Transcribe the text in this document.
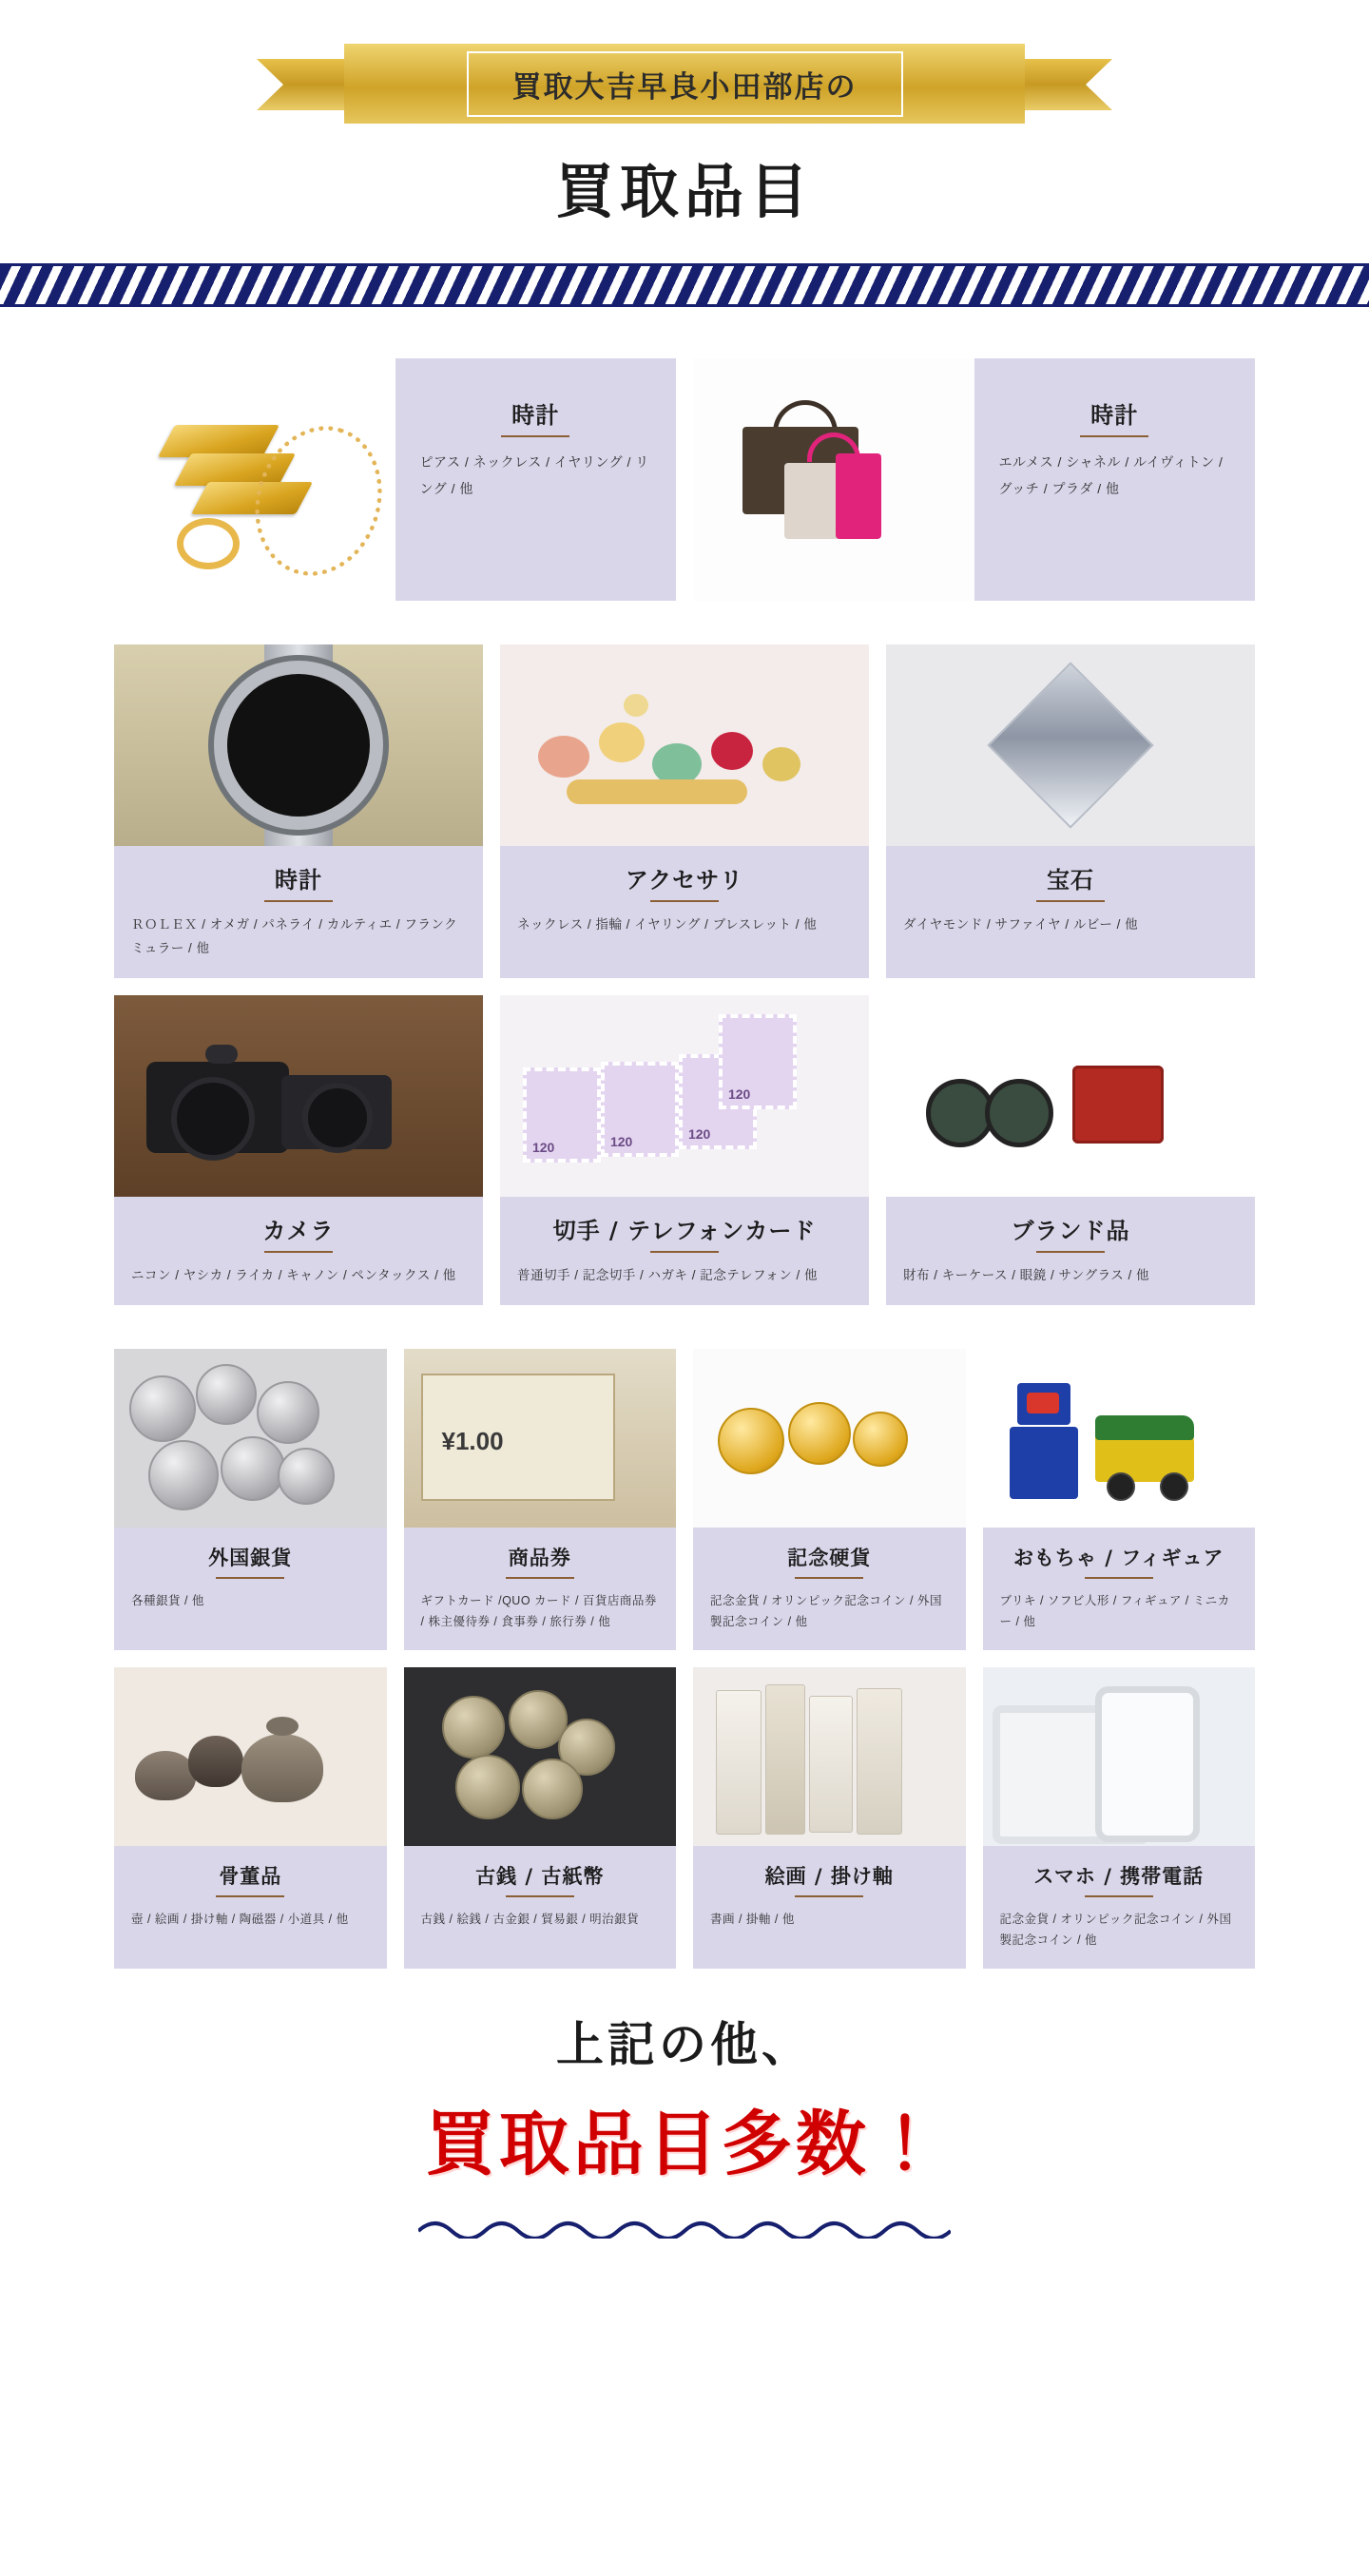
買取大吉早良小田部店の
買取品目
時計
ピアス / ネックレス / イヤリング / リング / 他
時計
エルメス / シャネル / ルイヴィトン / グッチ / プラダ / 他
時計
ＲＯＬＥＸ / オメガ / パネライ / カルティエ / フランクミュラー / 他
アクセサリ
ネックレス / 指輪 / イヤリング / ブレスレット / 他
宝石
ダイヤモンド / サファイヤ / ルビー / 他
カメラ
ニコン / ヤシカ / ライカ / キャノン / ペンタックス / 他
120	120	120
120
切手 / テレフォンカード
普通切手 / 記念切手 / ハガキ / 記念テレフォン / 他
ブランド品
財布 / キーケース / 眼鏡 / サングラス / 他
外国銀貨
各種銀貨 / 他
¥1.00
商品券
ギフトカード /QUO カード / 百貨店商品券 / 株主優待券 / 食事券 / 旅行券 / 他
記念硬貨
記念金貨 / オリンピック記念コイン / 外国製記念コイン / 他
おもちゃ / フィギュア
ブリキ / ソフビ人形 / フィギュア / ミニカー / 他
骨董品
壺 / 絵画 / 掛け軸 / 陶磁器 / 小道具 / 他
古銭 / 古紙幣
古銭 / 絵銭 / 古金銀 / 貿易銀 / 明治銀貨
絵画 / 掛け軸
書画 / 掛軸 / 他
スマホ / 携帯電話
記念金貨 / オリンピック記念コイン / 外国製記念コイン / 他
上記の他、
買取品目多数！
